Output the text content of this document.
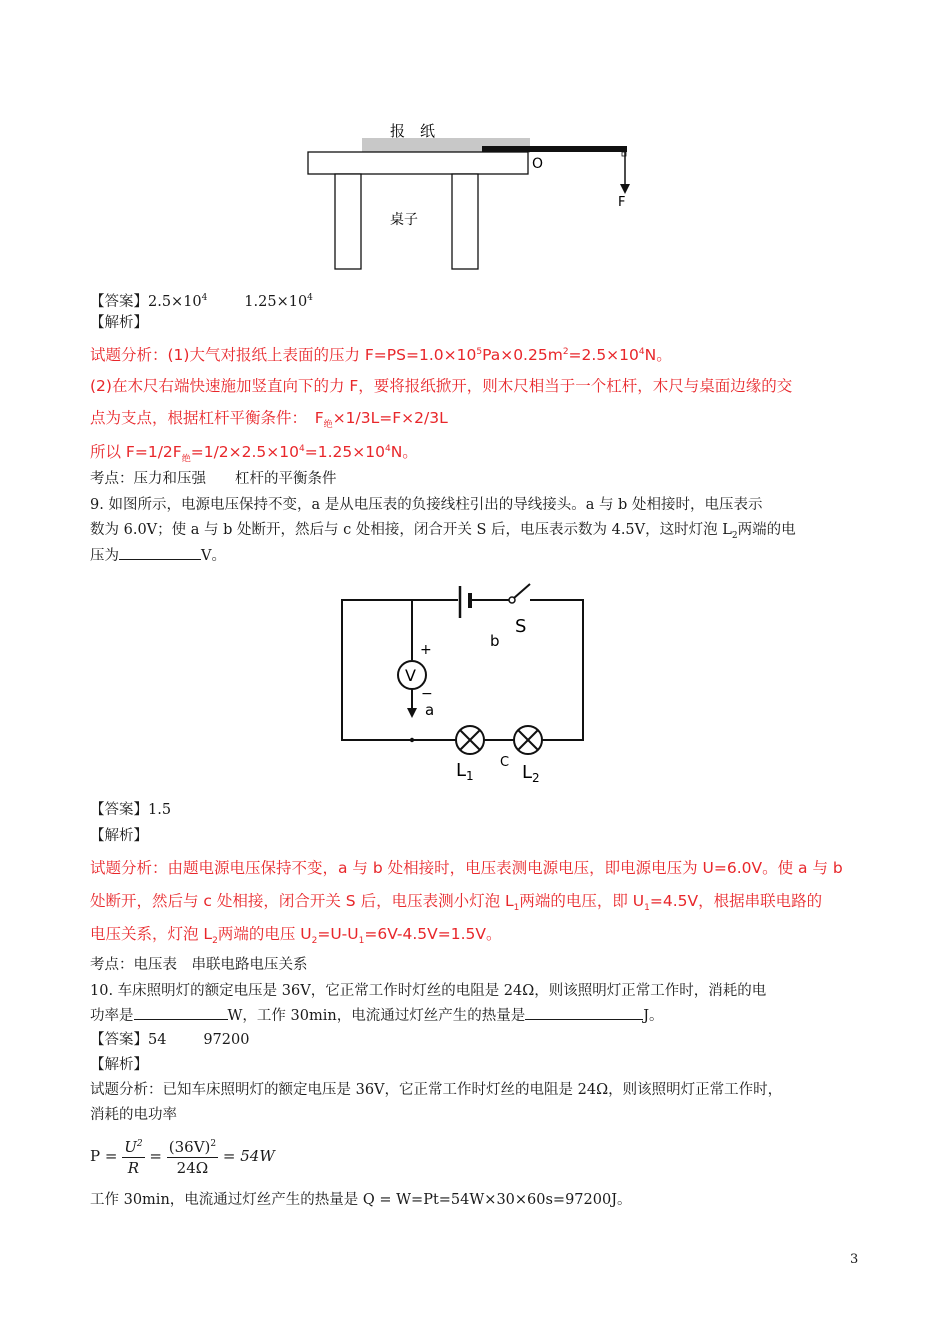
报　纸
O
F
桌子
【答案】$2.5\times 10^4$	$1.25\times 10^4$
【解析】
试题分析：(1)大气对报纸上表面的压力 $F=PS=1.0\times 10^5Pa\times 0.25m^2=2.5\times 10^4N$。
(2)在木尺右端快速施加竖直向下的力 F，要将报纸掀开，则木尺相当于一个杠杆，木尺与桌面边缘的交
点为支点，根据杠杆平衡条件：　$F_绝\times 1/3L=F\times 2/3L$
所以 $F=1/2F_绝=1/2\times 2.5\times 10^4=1.25\times 10^4N$。
考点：压力和压强　　杠杆的平衡条件
9. 如图所示，电源电压保持不变，a 是从电压表的负接线柱引出的导线接头。a 与 b 处相接时，电压表示
数为 6.0V；使 a 与 b 处断开，然后与 c 处相接，闭合开关 S 后，电压表示数为 4.5V，这时灯泡 $L_2$两端的电
压为	V。
S
b
V
+
−
a
$L_1$
C $L_2$
【答案】1.5
【解析】
试题分析：由题电源电压保持不变，a 与 b 处相接时，电压表测电源电压，即电源电压为 U=6.0V。使 a 与 b
处断开，然后与 c 处相接，闭合开关 S 后，电压表测小灯泡 $L_1$两端的电压，即 $U_1=4.5V$，根据串联电路的
电压关系，灯泡 $L_2$两端的电压 $U_2=U-U_1=6V-4.5V=1.5V$。
考点：电压表　串联电路电压关系
10. 车床照明灯的额定电压是 36V，它正常工作时灯丝的电阻是 24Ω，则该照明灯正常工作时，消耗的电
功率是	W，工作 30min，电流通过灯丝产生的热量是	J。
【答案】54	97200
【解析】
试题分析：已知车床照明灯的额定电压是 36V，它正常工作时灯丝的电阻是 24Ω，则该照明灯正常工作时，
消耗的电功率
$P = \frac{U^2}{R} = \frac{(36V)^2}{24\Omega} = 54W$
工作 30min，电流通过灯丝产生的热量是 Q = W=Pt=54W×30×60s=97200J。
3
